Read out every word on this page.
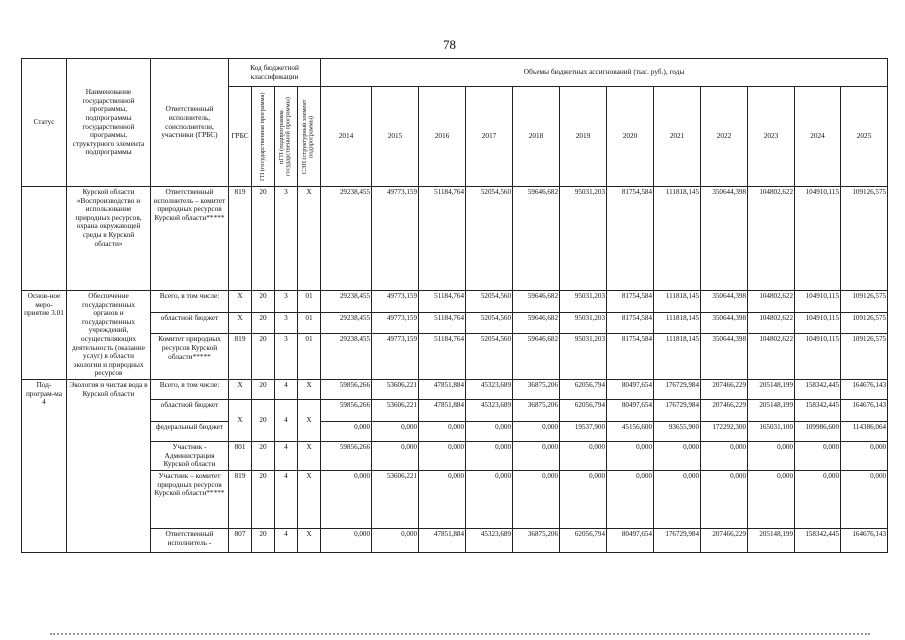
78
Статус	Наименование государственной программы, подпрограммы государственной программы, структурного элемента подпрограммы	Ответственный исполнитель, соисполнители, участники (ГРБС)	Код бюджетной классификации				Объемы бюджетных ассигнований (тыс. руб.), годы											
			ГРБС	ГП (государственная программа)	пГП (подпрограмма государственной программы)	СЭП (структурный элемент подпрограммы)	2014	2015	2016	2017	2018	2019	2020	2021	2022	2023	2024	2025
	Курской области «Воспроизводство и использование природных ресурсов, охрана окружающей среды в Курской области»	Ответственный исполнитель – комитет природных ресурсов Курской области*****	819	20	3	X	29238,455	49773,159	51184,764	52054,560	59646,682	95031,203	81754,584	111818,145	350644,398	104802,622	104910,115	109126,575
Основ-ное меро-приятие 3.01	Обеспечение государственных органов и государственных учреждений, осуществляющих деятельность (оказание услуг) в области экологии и природных ресурсов	Всего, в том числе:	X	20	3	01	29238,455	49773,159	51184,764	52054,560	59646,682	95031,203	81754,584	111818,145	350644,398	104802,622	104910,115	109126,575
		областной бюджет	X	20	3	01	29238,455	49773,159	51184,764	52054,560	59646,682	95031,203	81754,584	111818,145	350644,398	104802,622	104910,115	109126,575
		Комитет природных ресурсов Курской области*****	819	20	3	01	29238,455	49773,159	51184,764	52054,560	59646,682	95031,203	81754,584	111818,145	350644,398	104802,622	104910,115	109126,575
Под-програм-ма 4	Экология и чистая вода в Курской области	Всего, в том числе:	X	20	4	X	59856,266	53606,221	47851,884	45323,689	36875,206	62056,794	80497,654	176729,984	207466,229	205148,199	158342,445	164676,143
		областной бюджет	X	20	4	X	59856,266	53606,221	47851,884	45323,689	36875,206	62056,794	80497,654	176729,984	207466,229	205148,199	158342,445	164676,143
		федеральный бюджет					0,000	0,000	0,000	0,000	0,000	19537,900	45156,600	93655,900	172292,300	165031,100	109986,600	114386,064
		Участник - Администрация Курской области	801	20	4	X	59856,266	0,000	0,000	0,000	0,000	0,000	0,000	0,000	0,000	0,000	0,000	0,000
		Участник – комитет природных ресурсов Курской области*****	819	20	4	X	0,000	53606,221	0,000	0,000	0,000	0,000	0,000	0,000	0,000	0,000	0,000	0,000
		Ответственный исполнитель -	807	20	4	X	0,000	0,000	47851,884	45323,689	36875,206	62056,794	80497,654	176729,984	207466,229	205148,199	158342,445	164676,143
